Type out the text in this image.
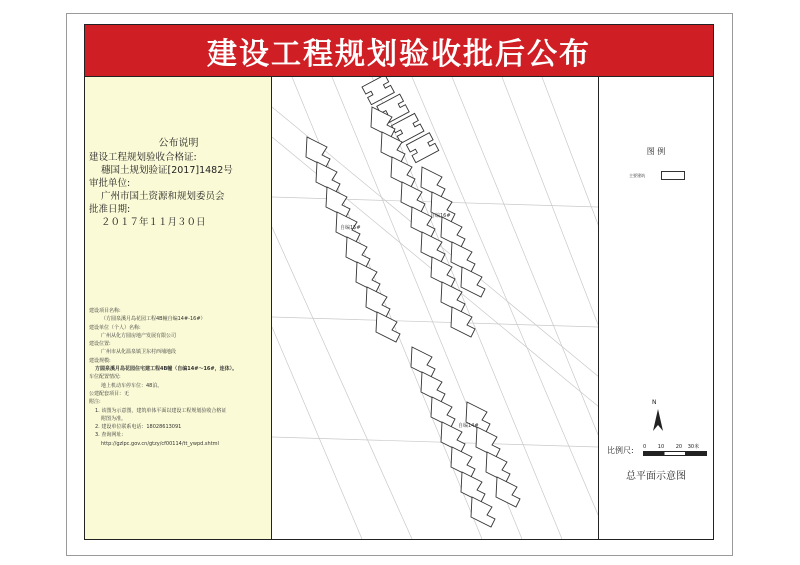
建设工程规划验收批后公布
公布说明
建设工程规划验收合格证:
穗国土规划验证[2017]1482号
审批单位:
广州市国土资源和规划委员会
批准日期:
２０１７年１１月３０日
建设项目名称:
（方圆泉溪月岛花园工程4B幢自编14#-16#）
建设单位（个人）名称:
广州从化方圆房地产发展有限公司
建设位置:
广州市从化温泉镇卫东村西埔地段
建设规模:
方圆泉溪月岛花园住宅建工程4B幢（自编14#～16#，连体）。
车位配置情况:
地上机动车停车位：48泊。
公建配套项目：无
附注:
1. 该图为示意图，建筑单体平面以建设工程规划验收合格证
附图为准。
2. 建设单位联系电话：18028613091
3. 查询网址:
http://gzlpc.gov.cn/gtzy/cf00114/tt_ywpd.shtml
自编16#
自编15#
自编14#
图 例
主要建筑
N
比例尺: 0 10 20 30米
总平面示意图
